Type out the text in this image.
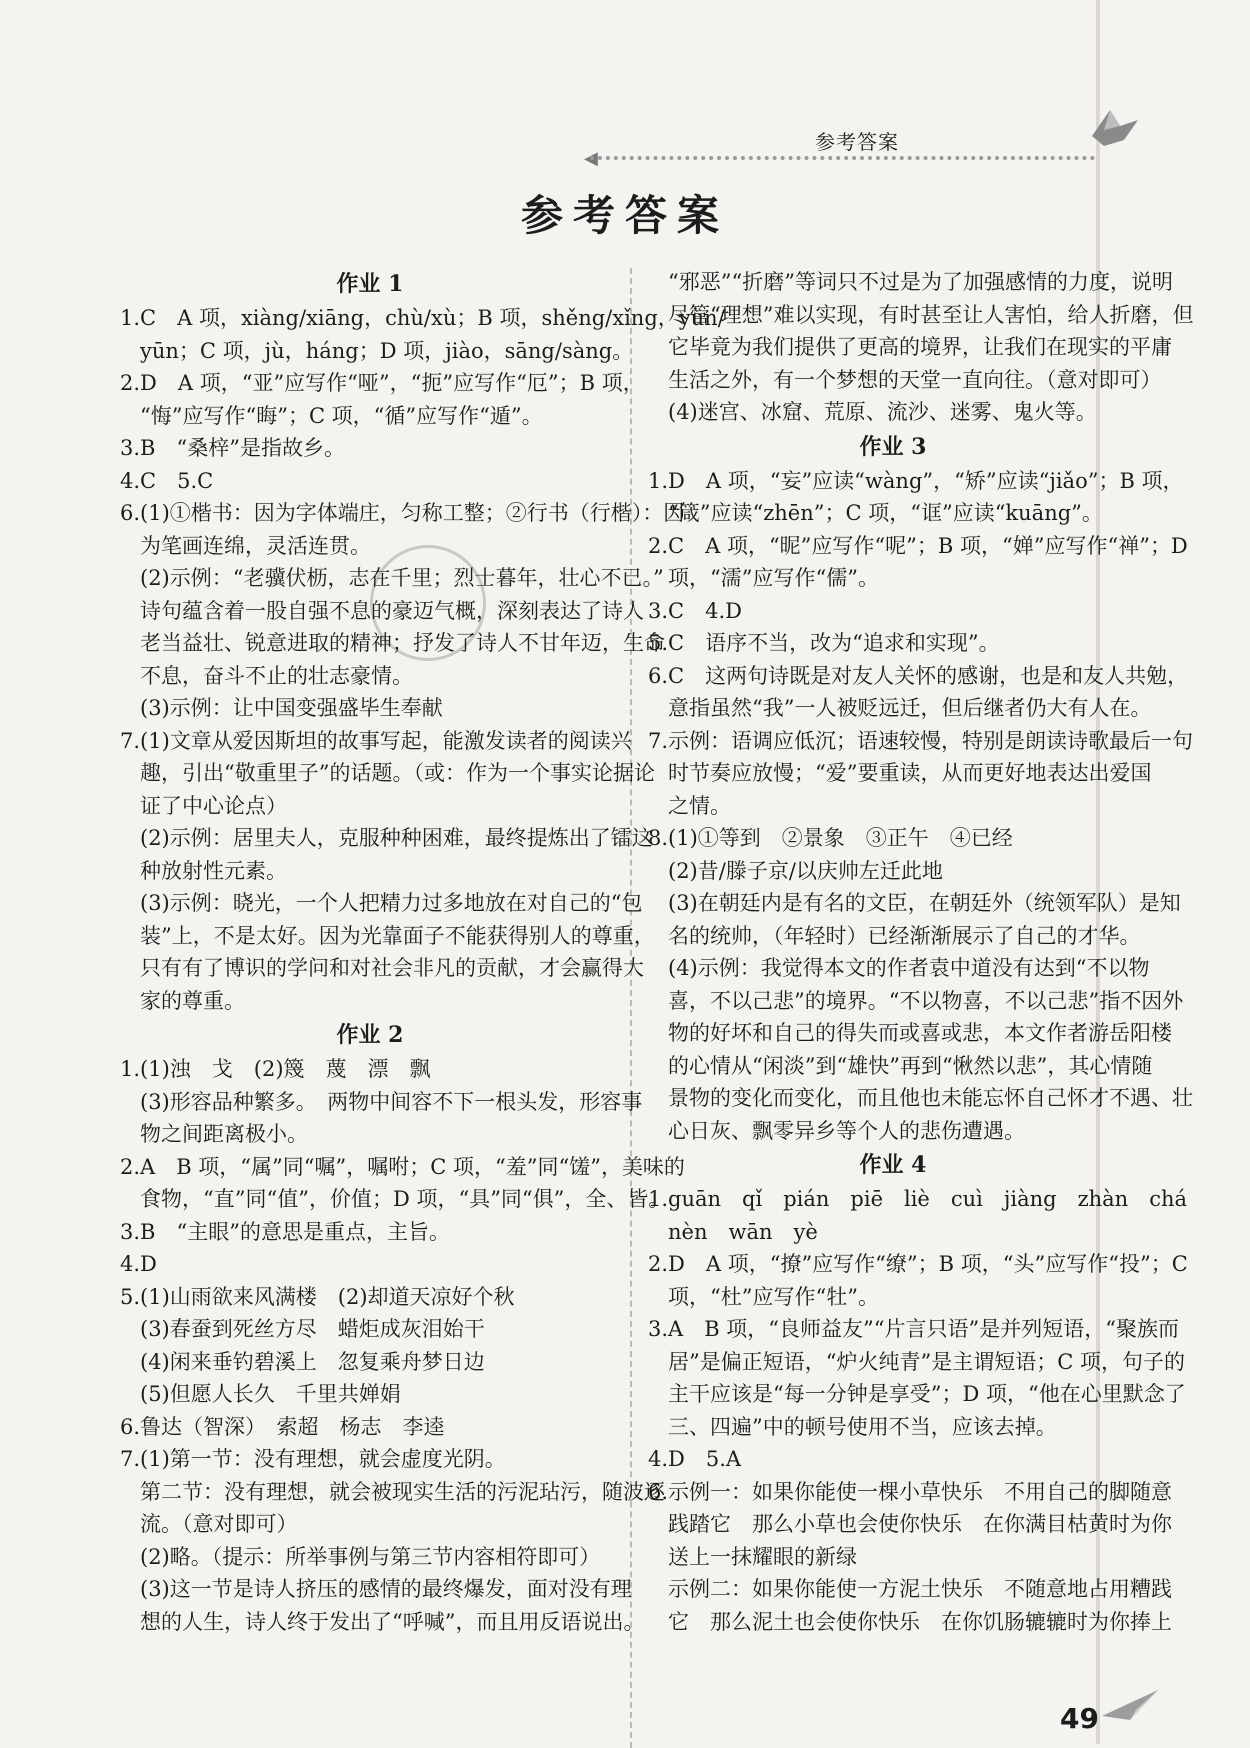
◀
参考答案
参考答案
作业 1
1.C　A 项，xiàng/xiāng，chù/xù；B 项，shěng/xǐng，yùn/
yūn；C 项，jù，háng；D 项，jiào，sāng/sàng。
2.D　A 项，“亚”应写作“哑”，“扼”应写作“厄”；B 项，
“悔”应写作“晦”；C 项，“循”应写作“遁”。
3.B　“桑梓”是指故乡。
4.C　5.C
6.(1)①楷书：因为字体端庄，匀称工整；②行书（行楷）：因
为笔画连绵，灵活连贯。
(2)示例：“老骥伏枥，志在千里；烈士暮年，壮心不已。”
诗句蕴含着一股自强不息的豪迈气概，深刻表达了诗人
老当益壮、锐意进取的精神；抒发了诗人不甘年迈，生命
不息，奋斗不止的壮志豪情。
(3)示例：让中国变强盛毕生奉献
7.(1)文章从爱因斯坦的故事写起，能激发读者的阅读兴
趣，引出“敬重里子”的话题。（或：作为一个事实论据论
证了中心论点）
(2)示例：居里夫人，克服种种困难，最终提炼出了镭这
种放射性元素。
(3)示例：晓光，一个人把精力过多地放在对自己的“包
装”上，不是太好。因为光靠面子不能获得别人的尊重，
只有有了博识的学问和对社会非凡的贡献，才会赢得大
家的尊重。
作业 2
1.(1)浊　戈　(2)篾　蔑　漂　飘
(3)形容品种繁多。　两物中间容不下一根头发，形容事
物之间距离极小。
2.A　B 项，“属”同“嘱”，嘱咐；C 项，“羞”同“馐”，美味的
食物，“直”同“值”，价值；D 项，“具”同“俱”，全、皆。
3.B　“主眼”的意思是重点，主旨。
4.D
5.(1)山雨欲来风满楼　(2)却道天凉好个秋
(3)春蚕到死丝方尽　蜡炬成灰泪始干
(4)闲来垂钓碧溪上　忽复乘舟梦日边
(5)但愿人长久　千里共婵娟
6.鲁达（智深）　索超　杨志　李逵
7.(1)第一节：没有理想，就会虚度光阴。
第二节：没有理想，就会被现实生活的污泥玷污，随波逐
流。（意对即可）
(2)略。（提示：所举事例与第三节内容相符即可）
(3)这一节是诗人挤压的感情的最终爆发，面对没有理
想的人生，诗人终于发出了“呼喊”，而且用反语说出。
“邪恶”“折磨”等词只不过是为了加强感情的力度，说明
尽管“理想”难以实现，有时甚至让人害怕，给人折磨，但
它毕竟为我们提供了更高的境界，让我们在现实的平庸
生活之外，有一个梦想的天堂一直向往。（意对即可）
(4)迷宫、冰窟、荒原、流沙、迷雾、鬼火等。
作业 3
1.D　A 项，“妄”应读“wàng”，“矫”应读“jiǎo”；B 项，
“箴”应读“zhēn”；C 项，“诓”应读“kuāng”。
2.C　A 项，“昵”应写作“呢”；B 项，“婵”应写作“禅”；D
项，“濡”应写作“儒”。
3.C　4.D
5.C　语序不当，改为“追求和实现”。
6.C　这两句诗既是对友人关怀的感谢，也是和友人共勉，
意指虽然“我”一人被贬远迁，但后继者仍大有人在。
7.示例：语调应低沉；语速较慢，特别是朗读诗歌最后一句
时节奏应放慢；“爱”要重读，从而更好地表达出爱国
之情。
8.(1)①等到　②景象　③正午　④已经
(2)昔/滕子京/以庆帅左迁此地
(3)在朝廷内是有名的文臣，在朝廷外（统领军队）是知
名的统帅，（年轻时）已经渐渐展示了自己的才华。
(4)示例：我觉得本文的作者袁中道没有达到“不以物
喜，不以己悲”的境界。“不以物喜，不以己悲”指不因外
物的好坏和自己的得失而或喜或悲，本文作者游岳阳楼
的心情从“闲淡”到“雄快”再到“愀然以悲”，其心情随
景物的变化而变化，而且他也未能忘怀自己怀才不遇、壮
心日灰、飘零异乡等个人的悲伤遭遇。
作业 4
1.guān　qǐ　pián　piē　liè　cuì　jiàng　zhàn　chá
nèn　wān　yè
2.D　A 项，“撩”应写作“缭”；B 项，“头”应写作“投”；C
项，“杜”应写作“牡”。
3.A　B 项，“良师益友”“片言只语”是并列短语，“聚族而
居”是偏正短语，“炉火纯青”是主谓短语；C 项，句子的
主干应该是“每一分钟是享受”；D 项，“他在心里默念了
三、四遍”中的顿号使用不当，应该去掉。
4.D　5.A
6.示例一：如果你能使一棵小草快乐　不用自己的脚随意
践踏它　那么小草也会使你快乐　在你满目枯黄时为你
送上一抹耀眼的新绿
示例二：如果你能使一方泥土快乐　不随意地占用糟践
它　那么泥土也会使你快乐　在你饥肠辘辘时为你捧上
49
